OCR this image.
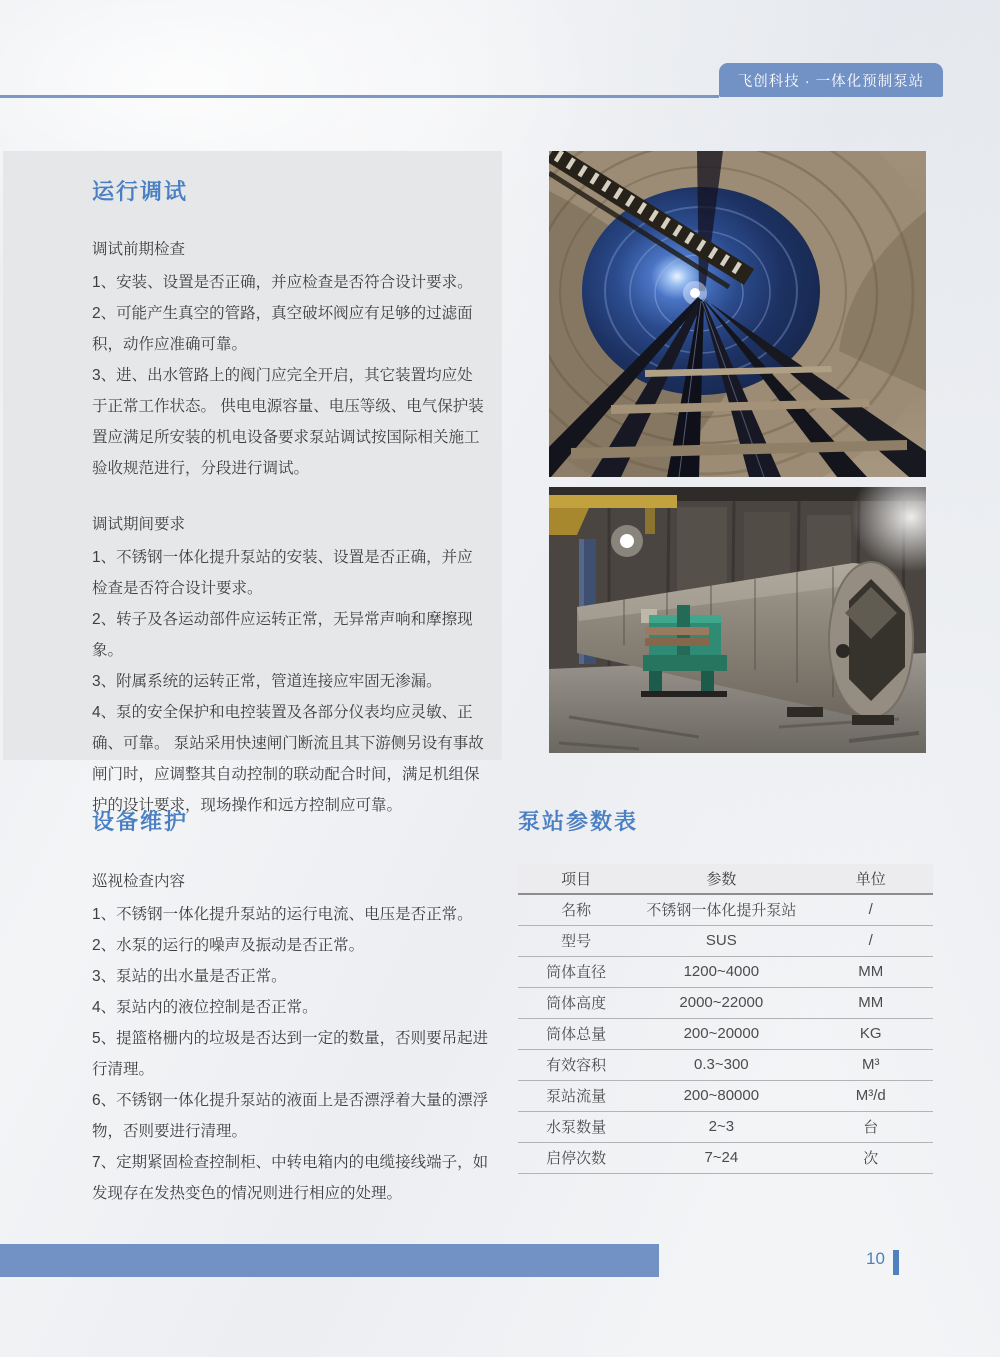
飞创科技 · 一体化预制泵站
运行调试

调试前期检查

1、安装、设置是否正确，并应检查是否符合设计要求。

2、可能产生真空的管路，真空破坏阀应有足够的过滤面积，动作应准确可靠。

3、进、出水管路上的阀门应完全开启，其它装置均应处于正常工作状态。 供电电源容量、电压等级、电气保护装置应满足所安装的机电设备要求泵站调试按国际相关施工验收规范进行，分段进行调试。

调试期间要求

1、不锈钢一体化提升泵站的安装、设置是否正确，并应检查是否符合设计要求。

2、转子及各运动部件应运转正常，无异常声响和摩擦现象。

3、附属系统的运转正常，管道连接应牢固无渗漏。

4、泵的安全保护和电控装置及各部分仪表均应灵敏、正确、可靠。 泵站采用快速闸门断流且其下游侧另设有事故闸门时，应调整其自动控制的联动配合时间，满足机组保护的设计要求，现场操作和远方控制应可靠。

设备维护

巡视检查内容

1、不锈钢一体化提升泵站的运行电流、电压是否正常。

2、水泵的运行的噪声及振动是否正常。

3、泵站的出水量是否正常。

4、泵站内的液位控制是否正常。

5、提篮格栅内的垃圾是否达到一定的数量，否则要吊起进行清理。

6、不锈钢一体化提升泵站的液面上是否漂浮着大量的漂浮物，否则要进行清理。

7、定期紧固检查控制柜、中转电箱内的电缆接线端子，如发现存在发热变色的情况则进行相应的处理。

泵站参数表
项目	参数	单位
名称	不锈钢一体化提升泵站	/
型号	SUS	/
筒体直径	1200~4000	MM
筒体高度	2000~22000	MM
筒体总量	200~20000	KG
有效容积	0.3~300	M³
泵站流量	200~80000	M³/d
水泵数量	2~3	台
启停次数	7~24	次
10
